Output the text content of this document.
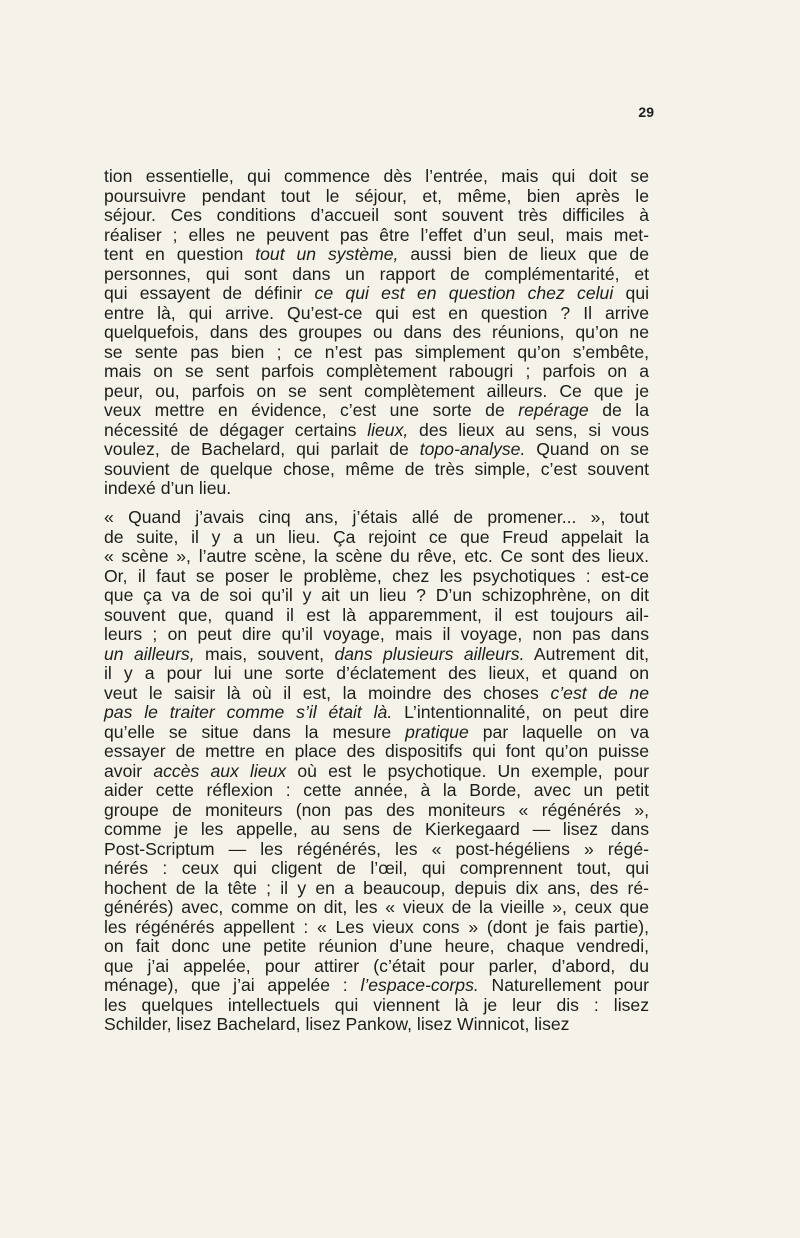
29
tion essentielle, qui commence dès l’entrée, mais qui doit se
poursuivre pendant tout le séjour, et, même, bien après le
séjour. Ces conditions d’accueil sont souvent très difficiles à
réaliser ; elles ne peuvent pas être l’effet d’un seul, mais met-
tent en question tout un système, aussi bien de lieux que de
personnes, qui sont dans un rapport de complémentarité, et
qui essayent de définir ce qui est en question chez celui qui
entre là, qui arrive. Qu’est-ce qui est en question ? Il arrive
quelquefois, dans des groupes ou dans des réunions, qu’on ne
se sente pas bien ; ce n’est pas simplement qu’on s’embête,
mais on se sent parfois complètement rabougri ; parfois on a
peur, ou, parfois on se sent complètement ailleurs. Ce que je
veux mettre en évidence, c’est une sorte de repérage de la
nécessité de dégager certains lieux, des lieux au sens, si vous
voulez, de Bachelard, qui parlait de topo-analyse. Quand on se
souvient de quelque chose, même de très simple, c’est souvent
indexé d’un lieu.
« Quand j’avais cinq ans, j’étais allé de promener... », tout
de suite, il y a un lieu. Ça rejoint ce que Freud appelait la
« scène », l’autre scène, la scène du rêve, etc. Ce sont des lieux.
Or, il faut se poser le problème, chez les psychotiques : est-ce
que ça va de soi qu’il y ait un lieu ? D’un schizophrène, on dit
souvent que, quand il est là apparemment, il est toujours ail-
leurs ; on peut dire qu’il voyage, mais il voyage, non pas dans
un ailleurs, mais, souvent, dans plusieurs ailleurs. Autrement dit,
il y a pour lui une sorte d’éclatement des lieux, et quand on
veut le saisir là où il est, la moindre des choses c’est de ne
pas le traiter comme s’il était là. L’intentionnalité, on peut dire
qu’elle se situe dans la mesure pratique par laquelle on va
essayer de mettre en place des dispositifs qui font qu’on puisse
avoir accès aux lieux où est le psychotique. Un exemple, pour
aider cette réflexion : cette année, à la Borde, avec un petit
groupe de moniteurs (non pas des moniteurs « régénérés »,
comme je les appelle, au sens de Kierkegaard — lisez dans
Post-Scriptum — les régénérés, les « post-hégéliens » régé-
nérés : ceux qui cligent de l’œil, qui comprennent tout, qui
hochent de la tête ; il y en a beaucoup, depuis dix ans, des ré-
générés) avec, comme on dit, les « vieux de la vieille », ceux que
les régénérés appellent : « Les vieux cons » (dont je fais partie),
on fait donc une petite réunion d’une heure, chaque vendredi,
que j’ai appelée, pour attirer (c’était pour parler, d’abord, du
ménage), que j’ai appelée : l’espace-corps. Naturellement pour
les quelques intellectuels qui viennent là je leur dis : lisez
Schilder, lisez Bachelard, lisez Pankow, lisez Winnicot, lisez
